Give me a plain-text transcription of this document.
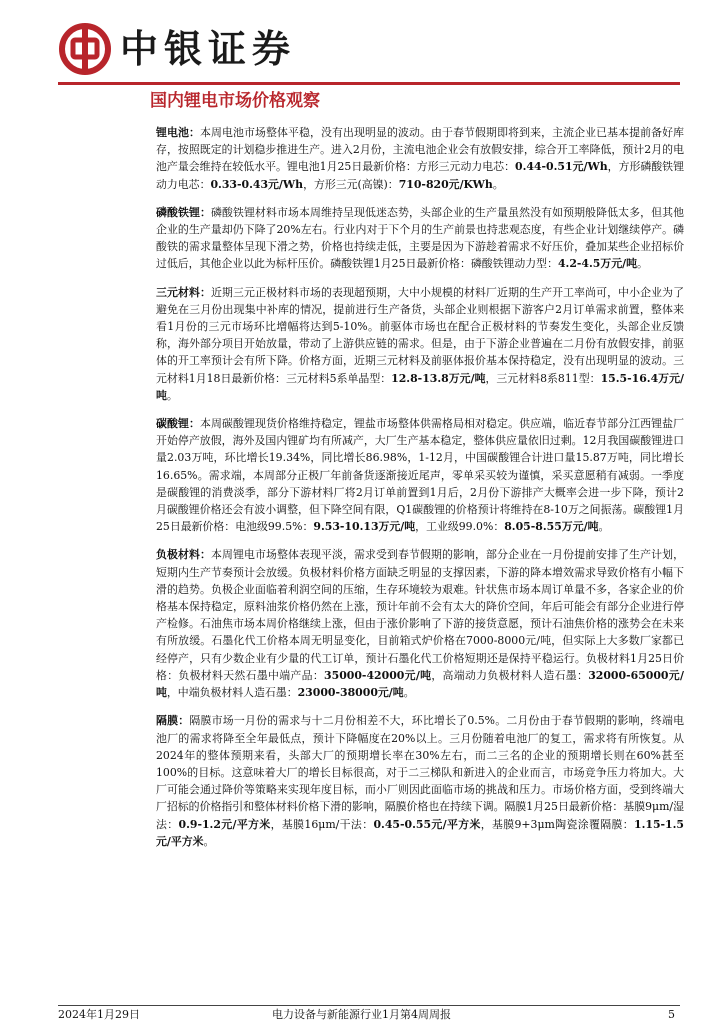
中银证券
国内锂电市场价格观察

锂电池：本周电池市场整体平稳，没有出现明显的波动。由于春节假期即将到来，主流企业已基本提前备好库存，按照既定的计划稳步推进生产。进入2月份，主流电池企业会有放假安排，综合开工率降低，预计2月的电池产量会维持在较低水平。锂电池1月25日最新价格：方形三元动力电芯：0.44-0.51元/Wh，方形磷酸铁锂动力电芯：0.33-0.43元/Wh，方形三元(高镍)：710-820元/KWh。

磷酸铁锂：磷酸铁锂材料市场本周维持呈现低迷态势，头部企业的生产量虽然没有如预期般降低太多，但其他企业的生产量却仍下降了20%左右。行业内对于下个月的生产前景也持悲观态度，有些企业计划继续停产。磷酸铁的需求量整体呈现下滑之势，价格也持续走低，主要是因为下游趁着需求不好压价，叠加某些企业招标价过低后，其他企业以此为标杆压价。磷酸铁锂1月25日最新价格：磷酸铁锂动力型：4.2-4.5万元/吨。

三元材料：近期三元正极材料市场的表现超预期，大中小规模的材料厂近期的生产开工率尚可，中小企业为了避免在三月份出现集中补库的情况，提前进行生产备货，头部企业则根据下游客户2月订单需求前置，整体来看1月份的三元市场环比增幅将达到5-10%。前驱体市场也在配合正极材料的节奏发生变化，头部企业反馈称，海外部分项目开始放量，带动了上游供应链的需求。但是，由于下游企业普遍在二月份有放假安排，前驱体的开工率预计会有所下降。价格方面，近期三元材料及前驱体报价基本保持稳定，没有出现明显的波动。三元材料1月18日最新价格：三元材料5系单晶型：12.8-13.8万元/吨，三元材料8系811型：15.5-16.4万元/吨。

碳酸锂：本周碳酸锂现货价格维持稳定，锂盐市场整体供需格局相对稳定。供应端，临近春节部分江西锂盐厂开始停产放假，海外及国内锂矿均有所减产，大厂生产基本稳定，整体供应量依旧过剩。12月我国碳酸锂进口量2.03万吨，环比增长19.34%，同比增长86.98%，1-12月，中国碳酸锂合计进口量15.87万吨，同比增长16.65%。需求端，本周部分正极厂年前备货逐渐接近尾声，零单采买较为谨慎，采买意愿稍有减弱。一季度是碳酸锂的消费淡季，部分下游材料厂将2月订单前置到1月后，2月份下游排产大概率会进一步下降，预计2月碳酸锂价格还会有波小调整，但下降空间有限，Q1碳酸锂的价格预计将维持在8-10万之间振荡。碳酸锂1月25日最新价格：电池级99.5%：9.53-10.13万元/吨，工业级99.0%：8.05-8.55万元/吨。

负极材料：本周锂电市场整体表现平淡，需求受到春节假期的影响，部分企业在一月份提前安排了生产计划，短期内生产节奏预计会放缓。负极材料价格方面缺乏明显的支撑因素，下游的降本增效需求导致价格有小幅下滑的趋势。负极企业面临着利润空间的压缩，生存环境较为艰难。针状焦市场本周订单量不多，各家企业的价格基本保持稳定，原料油浆价格仍然在上涨，预计年前不会有太大的降价空间，年后可能会有部分企业进行停产检修。石油焦市场本周价格继续上涨，但由于涨价影响了下游的接货意愿，预计石油焦价格的涨势会在未来有所放缓。石墨化代工价格本周无明显变化，目前箱式炉价格在7000-8000元/吨，但实际上大多数厂家都已经停产，只有少数企业有少量的代工订单，预计石墨化代工价格短期还是保持平稳运行。负极材料1月25日价格：负极材料天然石墨中端产品：35000-42000元/吨，高端动力负极材料人造石墨：32000-65000元/吨，中端负极材料人造石墨：23000-38000元/吨。

隔膜：隔膜市场一月份的需求与十二月份相差不大，环比增长了0.5%。二月份由于春节假期的影响，终端电池厂的需求将降至全年最低点，预计下降幅度在20%以上。三月份随着电池厂的复工，需求将有所恢复。从2024年的整体预期来看，头部大厂的预期增长率在30%左右，而二三名的企业的预期增长则在60%甚至100%的目标。这意味着大厂的增长目标很高，对于二三梯队和新进入的企业而言，市场竞争压力将加大。大厂可能会通过降价等策略来实现年度目标，而小厂则因此面临市场的挑战和压力。市场价格方面，受到终端大厂招标的价格指引和整体材料价格下滑的影响，隔膜价格也在持续下调。隔膜1月25日最新价格：基膜9μm/湿法：0.9-1.2元/平方米，基膜16μm/干法：0.45-0.55元/平方米，基膜9+3μm陶瓷涂覆隔膜：1.15-1.5元/平方米。

2024年1月29日	电力设备与新能源行业1月第4周周报	5
